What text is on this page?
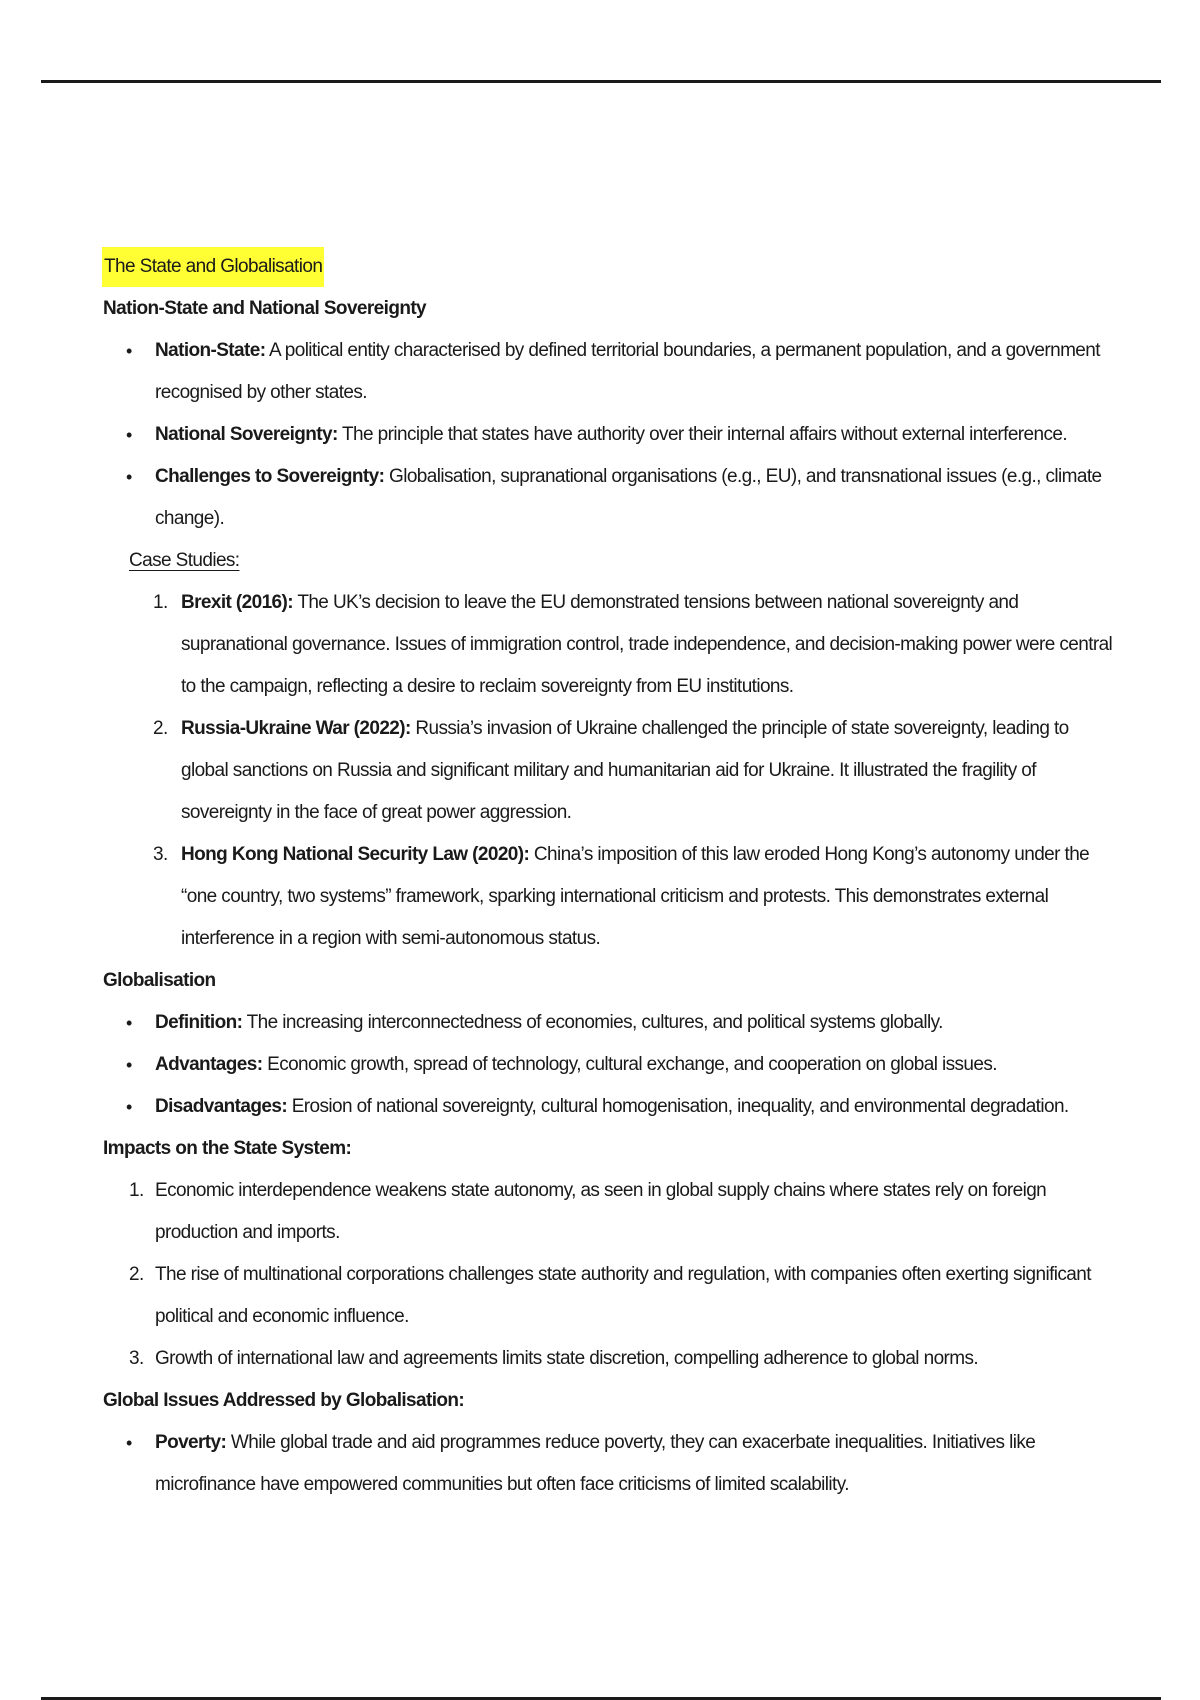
The State and Globalisation
Nation-State and National Sovereignty
• Nation-State: A political entity characterised by defined territorial boundaries, a permanent population, and a government recognised by other states.
• National Sovereignty: The principle that states have authority over their internal affairs without external interference.
• Challenges to Sovereignty: Globalisation, supranational organisations (e.g., EU), and transnational issues (e.g., climate change).
Case Studies:
1. Brexit (2016): The UK’s decision to leave the EU demonstrated tensions between national sovereignty and supranational governance. Issues of immigration control, trade independence, and decision-making power were central to the campaign, reflecting a desire to reclaim sovereignty from EU institutions.
2. Russia-Ukraine War (2022): Russia’s invasion of Ukraine challenged the principle of state sovereignty, leading to global sanctions on Russia and significant military and humanitarian aid for Ukraine. It illustrated the fragility of sovereignty in the face of great power aggression.
3. Hong Kong National Security Law (2020): China’s imposition of this law eroded Hong Kong’s autonomy under the “one country, two systems” framework, sparking international criticism and protests. This demonstrates external interference in a region with semi-autonomous status.
Globalisation
• Definition: The increasing interconnectedness of economies, cultures, and political systems globally.
• Advantages: Economic growth, spread of technology, cultural exchange, and cooperation on global issues.
• Disadvantages: Erosion of national sovereignty, cultural homogenisation, inequality, and environmental degradation.
Impacts on the State System:
1. Economic interdependence weakens state autonomy, as seen in global supply chains where states rely on foreign production and imports.
2. The rise of multinational corporations challenges state authority and regulation, with companies often exerting significant political and economic influence.
3. Growth of international law and agreements limits state discretion, compelling adherence to global norms.
Global Issues Addressed by Globalisation:
• Poverty: While global trade and aid programmes reduce poverty, they can exacerbate inequalities. Initiatives like microfinance have empowered communities but often face criticisms of limited scalability.
